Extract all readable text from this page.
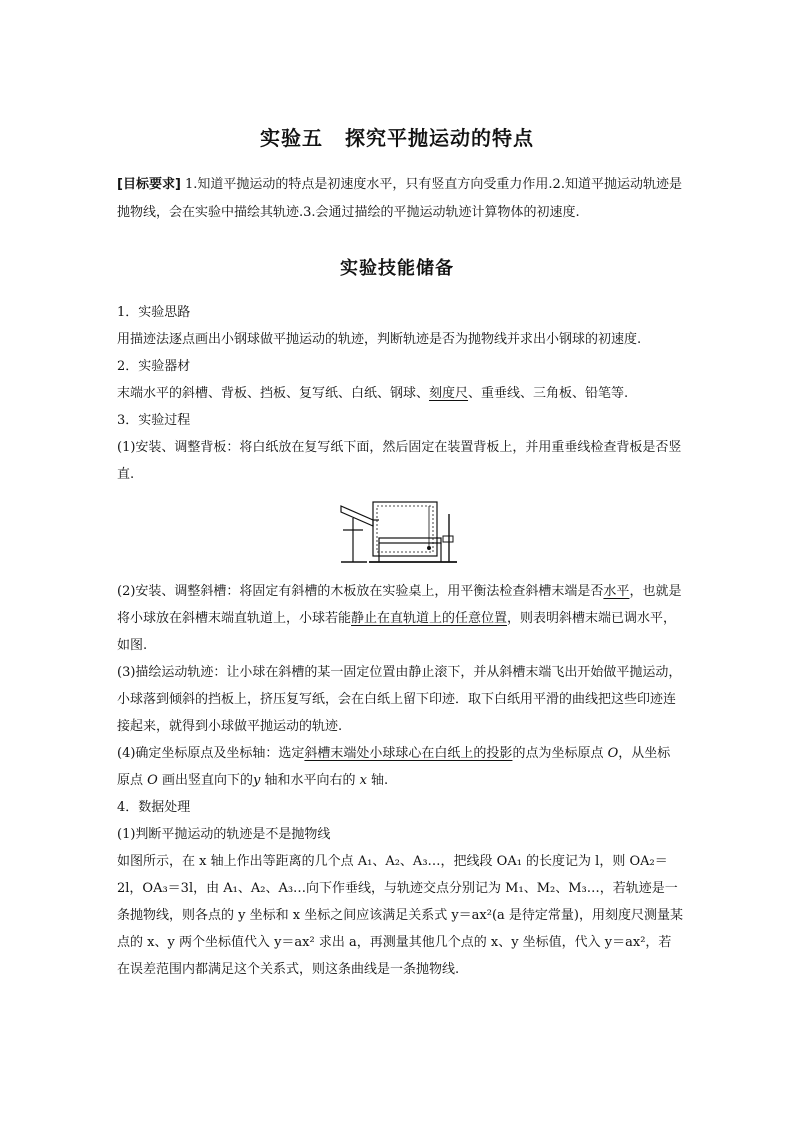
实验五 探究平抛运动的特点
[目标要求] 1.知道平抛运动的特点是初速度水平，只有竖直方向受重力作用.2.知道平抛运动轨迹是抛物线，会在实验中描绘其轨迹.3.会通过描绘的平抛运动轨迹计算物体的初速度.
实验技能储备

1．实验思路

用描迹法逐点画出小钢球做平抛运动的轨迹，判断轨迹是否为抛物线并求出小钢球的初速度.

2．实验器材

末端水平的斜槽、背板、挡板、复写纸、白纸、钢球、刻度尺、重垂线、三角板、铅笔等.

3．实验过程

(1)安装、调整背板：将白纸放在复写纸下面，然后固定在装置背板上，并用重垂线检查背板是否竖直.

(2)安装、调整斜槽：将固定有斜槽的木板放在实验桌上，用平衡法检查斜槽末端是否水平，也就是将小球放在斜槽末端直轨道上，小球若能静止在直轨道上的任意位置，则表明斜槽末端已调水平，如图.

(3)描绘运动轨迹：让小球在斜槽的某一固定位置由静止滚下，并从斜槽末端飞出开始做平抛运动，小球落到倾斜的挡板上，挤压复写纸，会在白纸上留下印迹．取下白纸用平滑的曲线把这些印迹连接起来，就得到小球做平抛运动的轨迹.

(4)确定坐标原点及坐标轴：选定斜槽末端处小球球心在白纸上的投影的点为坐标原点 O，从坐标原点 O 画出竖直向下的y 轴和水平向右的 x 轴.

4．数据处理

(1)判断平抛运动的轨迹是不是抛物线

如图所示，在 x 轴上作出等距离的几个点 A₁、A₂、A₃…，把线段 OA₁ 的长度记为 l，则 OA₂＝2l，OA₃＝3l，由 A₁、A₂、A₃…向下作垂线，与轨迹交点分别记为 M₁、M₂、M₃…，若轨迹是一条抛物线，则各点的 y 坐标和 x 坐标之间应该满足关系式 y＝ax²(a 是待定常量)，用刻度尺测量某点的 x、y 两个坐标值代入 y＝ax² 求出 a，再测量其他几个点的 x、y 坐标值，代入 y＝ax²，若在误差范围内都满足这个关系式，则这条曲线是一条抛物线.
